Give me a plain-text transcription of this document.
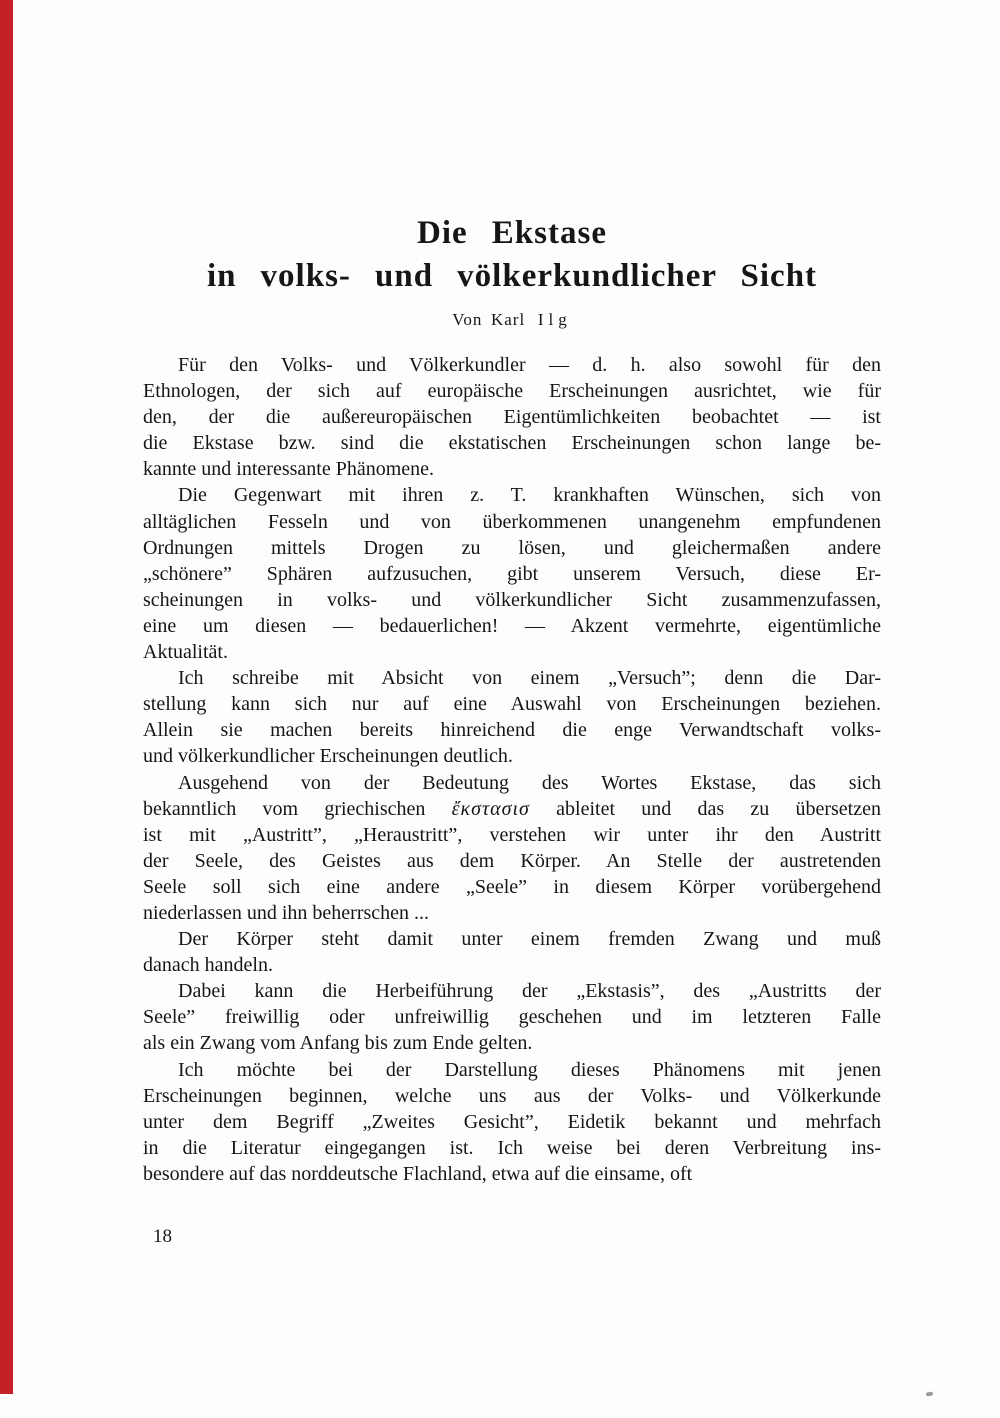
Die Ekstase
in volks- und völkerkundlicher Sicht
Von Karl Ilg
Für den Volks- und Völkerkundler — d. h. also sowohl für den
Ethnologen, der sich auf europäische Erscheinungen ausrichtet, wie für
den, der die außereuropäischen Eigentümlichkeiten beobachtet — ist
die Ekstase bzw. sind die ekstatischen Erscheinungen schon lange be-
kannte und interessante Phänomene.
Die Gegenwart mit ihren z. T. krankhaften Wünschen, sich von
alltäglichen Fesseln und von überkommenen unangenehm empfundenen
Ordnungen mittels Drogen zu lösen, und gleichermaßen andere
„schönere” Sphären aufzusuchen, gibt unserem Versuch, diese Er-
scheinungen in volks- und völkerkundlicher Sicht zusammenzufassen,
eine um diesen — bedauerlichen! — Akzent vermehrte, eigentümliche
Aktualität.
Ich schreibe mit Absicht von einem „Versuch”; denn die Dar-
stellung kann sich nur auf eine Auswahl von Erscheinungen beziehen.
Allein sie machen bereits hinreichend die enge Verwandtschaft volks-
und völkerkundlicher Erscheinungen deutlich.
Ausgehend von der Bedeutung des Wortes Ekstase, das sich
bekanntlich vom griechischen ἔκστασισ ableitet und das zu übersetzen
ist mit „Austritt”, „Heraustritt”, verstehen wir unter ihr den Austritt
der Seele, des Geistes aus dem Körper. An Stelle der austretenden
Seele soll sich eine andere „Seele” in diesem Körper vorübergehend
niederlassen und ihn beherrschen ...
Der Körper steht damit unter einem fremden Zwang und muß
danach handeln.
Dabei kann die Herbeiführung der „Ekstasis”, des „Austritts der
Seele” freiwillig oder unfreiwillig geschehen und im letzteren Falle
als ein Zwang vom Anfang bis zum Ende gelten.
Ich möchte bei der Darstellung dieses Phänomens mit jenen
Erscheinungen beginnen, welche uns aus der Volks- und Völkerkunde
unter dem Begriff „Zweites Gesicht”, Eidetik bekannt und mehrfach
in die Literatur eingegangen ist. Ich weise bei deren Verbreitung ins-
besondere auf das norddeutsche Flachland, etwa auf die einsame, oft
18
